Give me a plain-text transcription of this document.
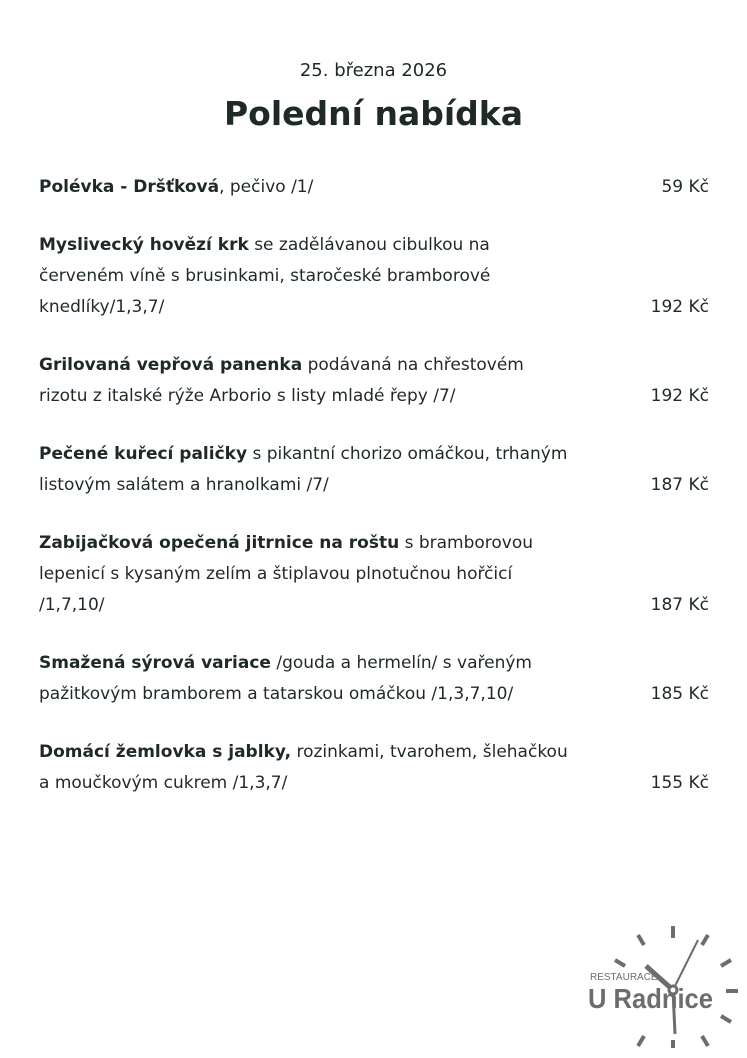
25. března 2026
Polední nabídka
Polévka - Dršťková, pečivo /1/	59 Kč
Myslivecký hovězí krk se zadělávanou cibulkou na červeném víně s brusinkami, staročeské bramborové knedlíky/1,3,7/	192 Kč
Grilovaná vepřová panenka podávaná na chřestovém rizotu z italské rýže Arborio s listy mladé řepy /7/	192 Kč
Pečené kuřecí paličky s pikantní chorizo omáčkou, trhaným listovým salátem a hranolkami /7/	187 Kč
Zabijačková opečená jitrnice na roštu s bramborovou lepenicí s kysaným zelím a štiplavou plnotučnou hořčicí /1,7,10/	187 Kč
Smažená sýrová variace /gouda a hermelín/ s vařeným pažitkovým bramborem a tatarskou omáčkou /1,3,7,10/	185 Kč
Domácí žemlovka s jablky, rozinkami, tvarohem, šlehačkou a moučkovým cukrem /1,3,7/	155 Kč
RESTAURACE
U Radnice
